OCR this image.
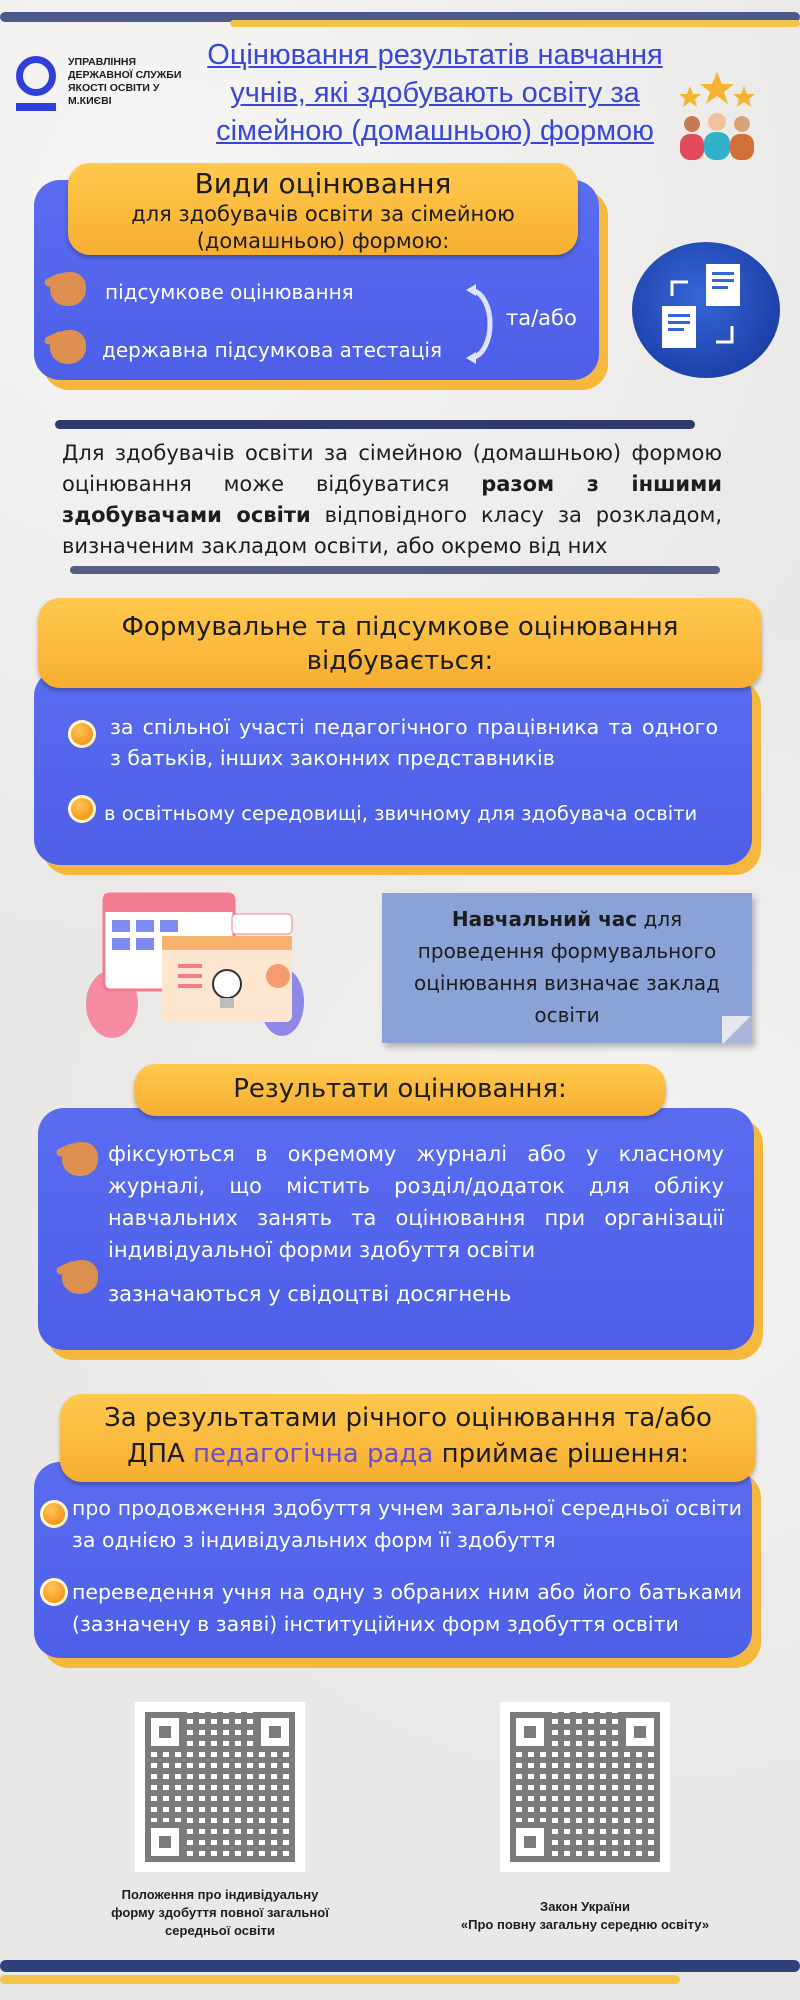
УПРАВЛІННЯ ДЕРЖАВНОЇ СЛУЖБИ ЯКОСТІ ОСВІТИ У М.КИЄВІ
Оцінювання результатів навчання учнів, які здобувають освіту за сімейною (домашньою) формою
Види оцінювання
для здобувачів освіти за сімейною (домашньою) формою:
підсумкове оцінювання
державна підсумкова атестація
та/або
Для здобувачів освіти за сімейною (домашньою) формою оцінювання може відбуватися разом з іншими здобувачами освіти відповідного класу за розкладом, визначеним закладом освіти, або окремо від них
Формувальне та підсумкове оцінювання відбувається:
за спільної участі педагогічного працівника та одного з батьків, інших законних представників
в освітньому середовищі, звичному для здобувача освіти
Навчальний час для проведення формувального оцінювання визначає заклад освіти
Результати оцінювання:
фіксуються в окремому журналі або у класному журналі, що містить розділ/додаток для обліку навчальних занять та оцінювання при організації індивідуальної форми здобуття освіти
зазначаються у свідоцтві досягнень
За результатами річного оцінювання та/або ДПА педагогічна рада приймає рішення:
про продовження здобуття учнем загальної середньої освіти за однією з індивідуальних форм її здобуття
переведення учня на одну з обраних ним або його батьками (зазначену в заяві) інституційних форм здобуття освіти
Положення про індивідуальну форму здобуття повної загальної середньої освіти
Закон України
«Про повну загальну середню освіту»
